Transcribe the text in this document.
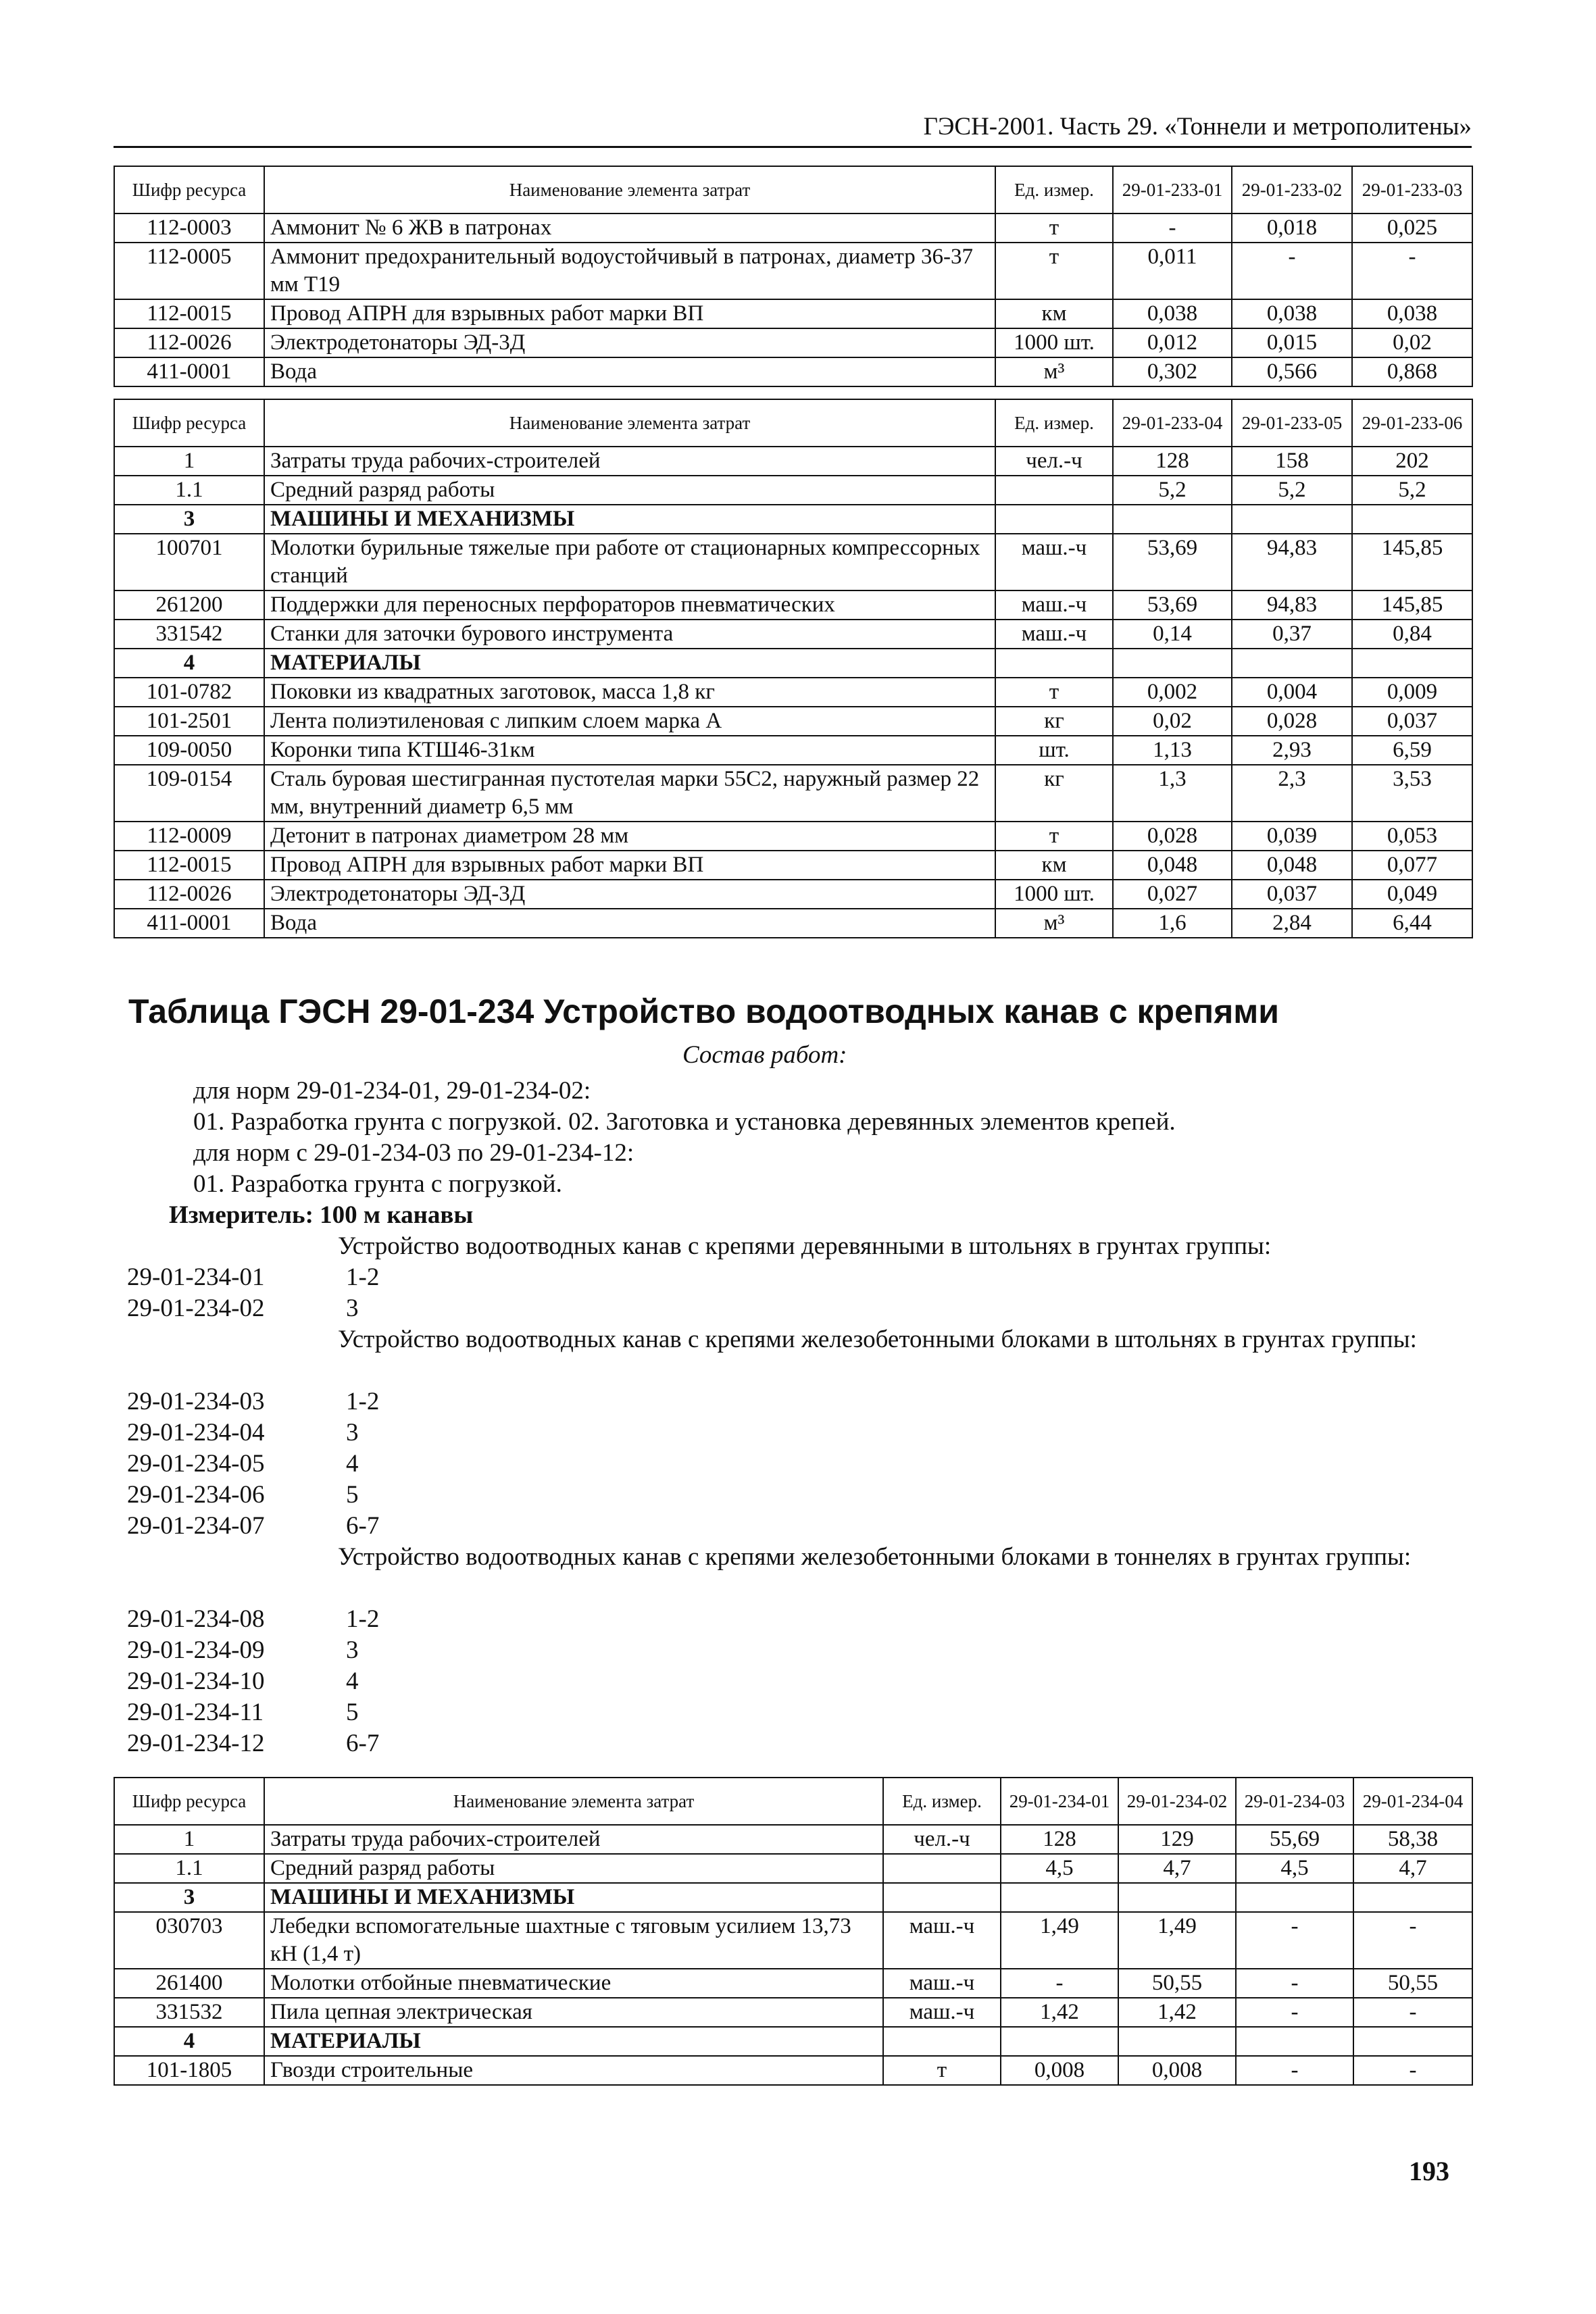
ГЭСН-2001. Часть 29. «Тоннели и метрополитены»
Шифр ресурса	Наименование элемента затрат	Ед. измер.	29-01-233-01	29-01-233-02	29-01-233-03
112-0003	Аммонит № 6 ЖВ в патронах	т	-	0,018	0,025
112-0005	Аммонит предохранительный водоустойчивый в патронах, диаметр 36-37 мм Т19	т	0,011	-	-
112-0015	Провод АПРН для взрывных работ марки ВП	км	0,038	0,038	0,038
112-0026	Электродетонаторы ЭД-3Д	1000 шт.	0,012	0,015	0,02
411-0001	Вода	м³	0,302	0,566	0,868
Шифр ресурса	Наименование элемента затрат	Ед. измер.	29-01-233-04	29-01-233-05	29-01-233-06
1	Затраты труда рабочих-строителей	чел.-ч	128	158	202
1.1	Средний разряд работы		5,2	5,2	5,2
3	МАШИНЫ И МЕХАНИЗМЫ				
100701	Молотки бурильные тяжелые при работе от стационарных компрессорных станций	маш.-ч	53,69	94,83	145,85
261200	Поддержки для переносных перфораторов пневматических	маш.-ч	53,69	94,83	145,85
331542	Станки для заточки бурового инструмента	маш.-ч	0,14	0,37	0,84
4	МАТЕРИАЛЫ				
101-0782	Поковки из квадратных заготовок, масса 1,8 кг	т	0,002	0,004	0,009
101-2501	Лента полиэтиленовая с липким слоем марка А	кг	0,02	0,028	0,037
109-0050	Коронки типа КТШ46-31км	шт.	1,13	2,93	6,59
109-0154	Сталь буровая шестигранная пустотелая марки 55С2, наружный размер 22 мм, внутренний диаметр 6,5 мм	кг	1,3	2,3	3,53
112-0009	Детонит в патронах диаметром 28 мм	т	0,028	0,039	0,053
112-0015	Провод АПРН для взрывных работ марки ВП	км	0,048	0,048	0,077
112-0026	Электродетонаторы ЭД-3Д	1000 шт.	0,027	0,037	0,049
411-0001	Вода	м³	1,6	2,84	6,44
Таблица ГЭСН 29-01-234 Устройство водоотводных канав с крепями
Состав работ:
для норм 29-01-234-01, 29-01-234-02:
01. Разработка грунта с погрузкой. 02. Заготовка и установка деревянных элементов крепей.
для норм с 29-01-234-03 по 29-01-234-12:
01. Разработка грунта с погрузкой.
Измеритель: 100 м канавы
Устройство водоотводных канав с крепями деревянными в штольнях в грунтах группы:
29-01-234-01	1-2
29-01-234-02	3
Устройство водоотводных канав с крепями железобетонными блоками в штольнях в грунтах группы:
29-01-234-03	1-2
29-01-234-04	3
29-01-234-05	4
29-01-234-06	5
29-01-234-07	6-7
Устройство водоотводных канав с крепями железобетонными блоками в тоннелях в грунтах группы:
29-01-234-08	1-2
29-01-234-09	3
29-01-234-10	4
29-01-234-11	5
29-01-234-12	6-7
Шифр ресурса	Наименование элемента затрат	Ед. измер.	29-01-234-01	29-01-234-02	29-01-234-03	29-01-234-04
1	Затраты труда рабочих-строителей	чел.-ч	128	129	55,69	58,38
1.1	Средний разряд работы		4,5	4,7	4,5	4,7
3	МАШИНЫ И МЕХАНИЗМЫ					
030703	Лебедки вспомогательные шахтные с тяговым усилием 13,73 кН (1,4 т)	маш.-ч	1,49	1,49	-	-
261400	Молотки отбойные пневматические	маш.-ч	-	50,55	-	50,55
331532	Пила цепная электрическая	маш.-ч	1,42	1,42	-	-
4	МАТЕРИАЛЫ					
101-1805	Гвозди строительные	т	0,008	0,008	-	-
193
